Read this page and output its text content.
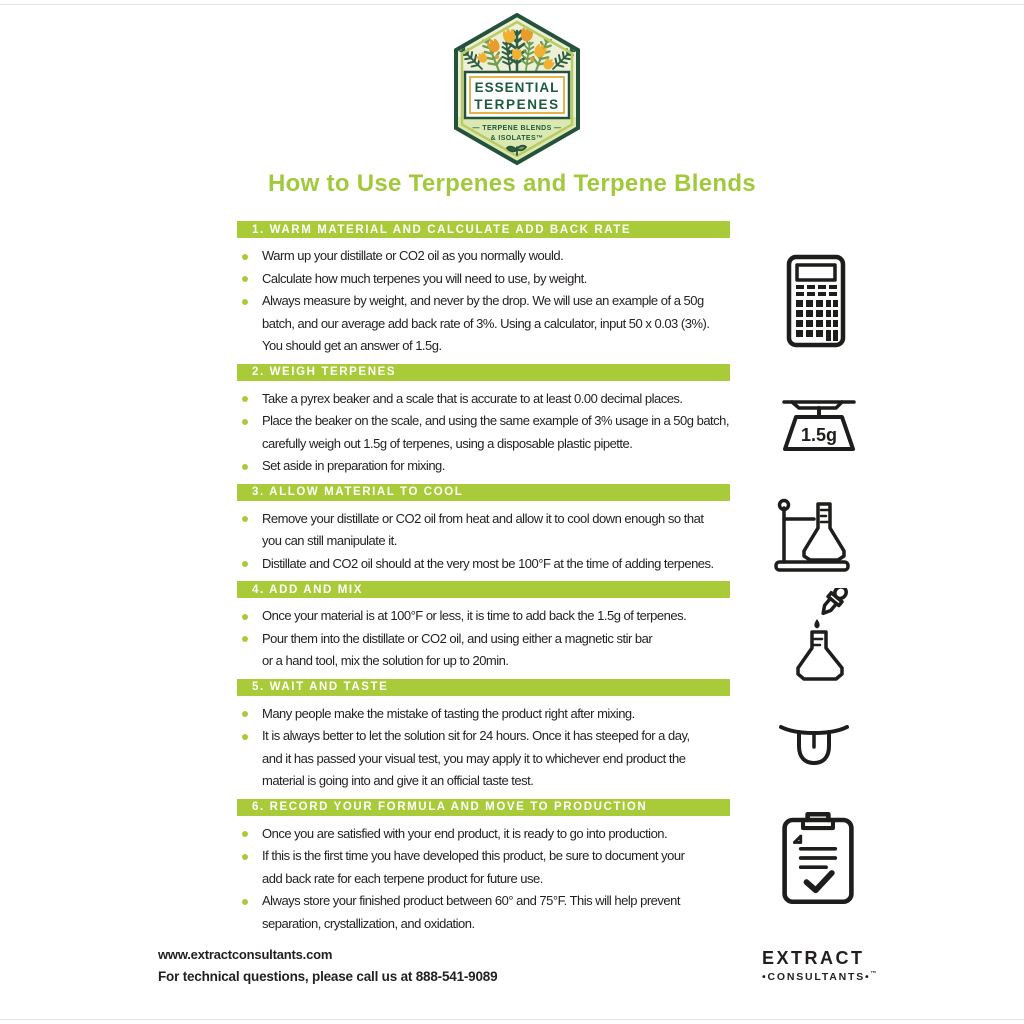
ESSENTIAL
TERPENES
— TERPENE BLENDS —
& ISOLATES™
How to Use Terpenes and Terpene Blends
1. WARM MATERIAL AND CALCULATE ADD BACK RATE
Warm up your distillate or CO2 oil as you normally would.
Calculate how much terpenes you will need to use, by weight.
Always measure by weight, and never by the drop. We will use an example of a 50g
batch, and our average add back rate of 3%. Using a calculator, input 50 x 0.03 (3%).
You should get an answer of 1.5g.
2. WEIGH TERPENES
Take a pyrex beaker and a scale that is accurate to at least 0.00 decimal places.
Place the beaker on the scale, and using the same example of 3% usage in a 50g batch,
carefully weigh out 1.5g of terpenes, using a disposable plastic pipette.
Set aside in preparation for mixing.
3. ALLOW MATERIAL TO COOL
Remove your distillate or CO2 oil from heat and allow it to cool down enough so that
you can still manipulate it.
Distillate and CO2 oil should at the very most be 100°F at the time of adding terpenes.
4. ADD AND MIX
Once your material is at 100°F or less, it is time to add back the 1.5g of terpenes.
Pour them into the distillate or CO2 oil, and using either a magnetic stir bar
or a hand tool, mix the solution for up to 20min.
5. WAIT AND TASTE
Many people make the mistake of tasting the product right after mixing.
It is always better to let the solution sit for 24 hours. Once it has steeped for a day,
and it has passed your visual test, you may apply it to whichever end product the
material is going into and give it an official taste test.
6. RECORD YOUR FORMULA AND MOVE TO PRODUCTION
Once you are satisfied with your end product, it is ready to go into production.
If this is the first time you have developed this product, be sure to document your
add back rate for each terpene product for future use.
Always store your finished product between 60° and 75°F. This will help prevent
separation, crystallization, and oxidation.
1.5g
www.extractconsultants.com
For technical questions, please call us at 888-541-9089
EXTRACT
•CONSULTANTS•™
